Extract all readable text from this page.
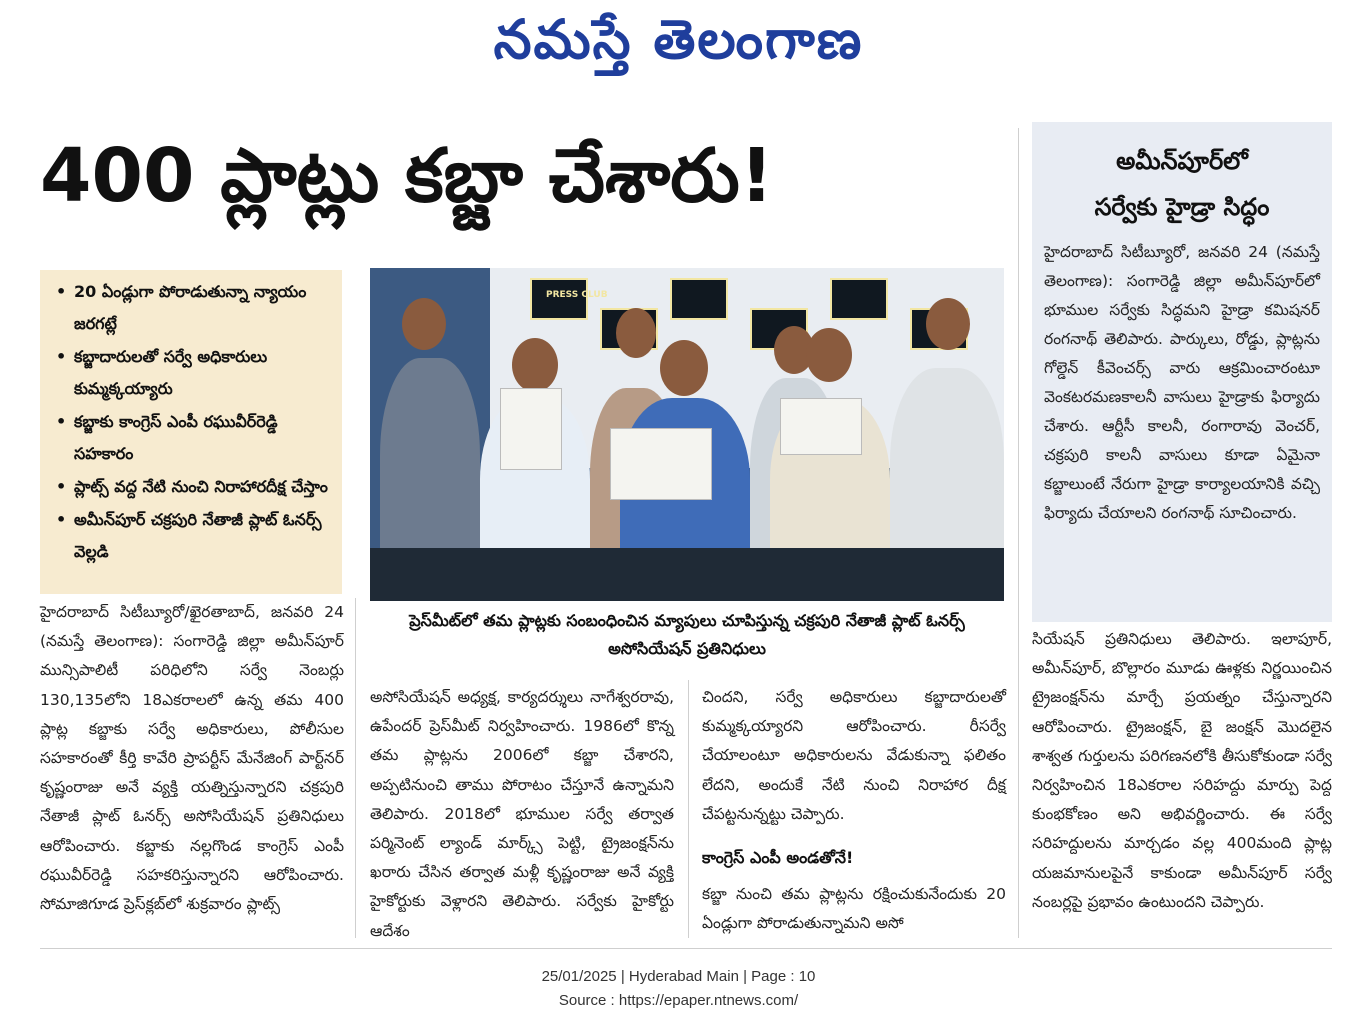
నమస్తే తెలంగాణ
400 ప్లాట్లు కబ్జా చేశారు!	అమీన్‌పూర్‌లో
సర్వేకు హైడ్రా సిద్ధం
హైదరాబాద్ సిటీబ్యూరో, జనవరి 24 (నమస్తే తెలంగాణ): సంగారెడ్డి జిల్లా అమీన్‌పూర్‌లో భూముల సర్వేకు సిద్ధమని హైడ్రా కమిషనర్ రంగనాథ్ తెలిపారు. పార్కులు, రోడ్డు, ప్లాట్లను గోల్డెన్ కీవెంచర్స్ వారు ఆక్రమించారంటూ వెంకటరమణకాలనీ వాసులు హైడ్రాకు ఫిర్యాదు చేశారు. ఆర్టీసీ కాలనీ, రంగారావు వెంచర్, చక్రపురి కాలనీ వాసులు కూడా ఏమైనా కబ్జాలుంటే నేరుగా హైడ్రా కార్యాలయానికి వచ్చి ఫిర్యాదు చేయాలని రంగనాథ్ సూచించారు.
• 20 ఏండ్లుగా పోరాడుతున్నా న్యాయం జరగట్లే
• కబ్జాదారులతో సర్వే అధికారులు కుమ్మక్కయ్యారు
• కబ్జాకు కాంగ్రెస్ ఎంపీ రఘువీర్‌రెడ్డి సహకారం
• ప్లాట్స్ వద్ద నేటి నుంచి నిరాహారదీక్ష చేస్తాం
• అమీన్‌పూర్ చక్రపురి నేతాజీ ప్లాట్ ఓనర్స్ వెల్లడి
PRESS CLUB
ప్రెస్‌మీట్‌లో తమ ప్లాట్లకు సంబంధించిన మ్యాపులు చూపిస్తున్న చక్రపురి నేతాజీ ప్లాట్ ఓనర్స్ అసోసియేషన్ ప్రతినిధులు
హైదరాబాద్ సిటీబ్యూరో/ఖైరతాబాద్, జనవరి 24 (నమస్తే తెలంగాణ): సంగారెడ్డి జిల్లా అమీన్‌పూర్ మున్సిపాలిటీ పరిధిలోని సర్వే నెంబర్లు 130,135లోని 18ఎకరాలలో ఉన్న తమ 400 ప్లాట్ల కబ్జాకు సర్వే అధికారులు, పోలీసుల సహకారంతో కీర్తి కావేరి ప్రాపర్టీస్ మేనేజింగ్ పార్ట్‌నర్ కృష్ణంరాజు అనే వ్యక్తి యత్నిస్తున్నారని చక్రపురి నేతాజీ ప్లాట్ ఓనర్స్ అసోసియేషన్ ప్రతినిధులు ఆరోపించారు. కబ్జాకు నల్లగొండ కాంగ్రెస్ ఎంపీ రఘువీర్‌రెడ్డి సహకరిస్తున్నారని ఆరోపించారు. సోమాజిగూడ ప్రెస్‌క్లబ్‌లో శుక్రవారం ప్లాట్స్
అసోసియేషన్ అధ్యక్ష, కార్యదర్శులు నాగేశ్వరరావు, ఉపేందర్ ప్రెస్‌మీట్ నిర్వహించారు. 1986లో కొన్న తమ ప్లాట్లను 2006లో కబ్జా చేశారని, అప్పటినుంచి తాము పోరాటం చేస్తూనే ఉన్నామని తెలిపారు. 2018లో భూముల సర్వే తర్వాత పర్మినెంట్ ల్యాండ్ మార్క్స్ పెట్టి, ట్రైజంక్షన్‌ను ఖరారు చేసిన తర్వాత మళ్లీ కృష్ణంరాజు అనే వ్యక్తి హైకోర్టుకు వెళ్లారని తెలిపారు. సర్వేకు హైకోర్టు ఆదేశం
చిందని, సర్వే అధికారులు కబ్జాదారులతో కుమ్మక్కయ్యారని ఆరోపించారు. రీసర్వే చేయాలంటూ అధికారులను వేడుకున్నా ఫలితం లేదని, అందుకే నేటి నుంచి నిరాహార దీక్ష చేపట్టనున్నట్టు చెప్పారు.
కాంగ్రెస్ ఎంపీ అండతోనే!
కబ్జా నుంచి తమ ప్లాట్లను రక్షించుకునేందుకు 20 ఏండ్లుగా పోరాడుతున్నామని అసో
సియేషన్ ప్రతినిధులు తెలిపారు. ఇలాపూర్, అమీన్‌పూర్, బొల్లారం మూడు ఊళ్లకు నిర్ణయించిన ట్రైజంక్షన్‌ను మార్చే ప్రయత్నం చేస్తున్నారని ఆరోపించారు. ట్రైజంక్షన్, బై జంక్షన్ మొదలైన శాశ్వత గుర్తులను పరిగణనలోకి తీసుకోకుండా సర్వే నిర్వహించిన 18ఎకరాల సరిహద్దు మార్పు పెద్ద కుంభకోణం అని అభివర్ణించారు. ఈ సర్వే సరిహద్దులను మార్చడం వల్ల 400మంది ప్లాట్ల యజమానులపైనే కాకుండా అమీన్‌పూర్ సర్వే నంబర్లపై ప్రభావం ఉంటుందని చెప్పారు.
25/01/2025 | Hyderabad Main | Page : 10
Source : https://epaper.ntnews.com/
